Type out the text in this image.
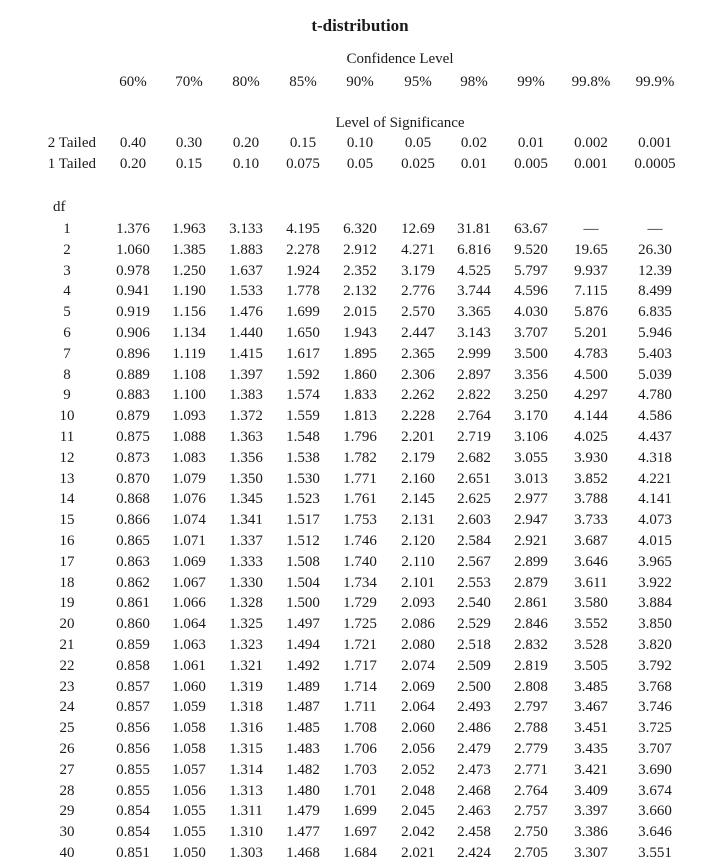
t-distribution
Confidence Level
60%	70%	80%	85%	90%	95%	98%	99%	99.8%	99.9%
Level of Significance
2 Tailed	0.40	0.30	0.20	0.15	0.10	0.05	0.02	0.01	0.002	0.001
1 Tailed	0.20	0.15	0.10	0.075	0.05	0.025	0.01	0.005	0.001	0.0005
df
1	1.376	1.963	3.133	4.195	6.320	12.69	31.81	63.67	—	—
2	1.060	1.385	1.883	2.278	2.912	4.271	6.816	9.520	19.65	26.30
3	0.978	1.250	1.637	1.924	2.352	3.179	4.525	5.797	9.937	12.39
4	0.941	1.190	1.533	1.778	2.132	2.776	3.744	4.596	7.115	8.499
5	0.919	1.156	1.476	1.699	2.015	2.570	3.365	4.030	5.876	6.835
6	0.906	1.134	1.440	1.650	1.943	2.447	3.143	3.707	5.201	5.946
7	0.896	1.119	1.415	1.617	1.895	2.365	2.999	3.500	4.783	5.403
8	0.889	1.108	1.397	1.592	1.860	2.306	2.897	3.356	4.500	5.039
9	0.883	1.100	1.383	1.574	1.833	2.262	2.822	3.250	4.297	4.780
10	0.879	1.093	1.372	1.559	1.813	2.228	2.764	3.170	4.144	4.586
11	0.875	1.088	1.363	1.548	1.796	2.201	2.719	3.106	4.025	4.437
12	0.873	1.083	1.356	1.538	1.782	2.179	2.682	3.055	3.930	4.318
13	0.870	1.079	1.350	1.530	1.771	2.160	2.651	3.013	3.852	4.221
14	0.868	1.076	1.345	1.523	1.761	2.145	2.625	2.977	3.788	4.141
15	0.866	1.074	1.341	1.517	1.753	2.131	2.603	2.947	3.733	4.073
16	0.865	1.071	1.337	1.512	1.746	2.120	2.584	2.921	3.687	4.015
17	0.863	1.069	1.333	1.508	1.740	2.110	2.567	2.899	3.646	3.965
18	0.862	1.067	1.330	1.504	1.734	2.101	2.553	2.879	3.611	3.922
19	0.861	1.066	1.328	1.500	1.729	2.093	2.540	2.861	3.580	3.884
20	0.860	1.064	1.325	1.497	1.725	2.086	2.529	2.846	3.552	3.850
21	0.859	1.063	1.323	1.494	1.721	2.080	2.518	2.832	3.528	3.820
22	0.858	1.061	1.321	1.492	1.717	2.074	2.509	2.819	3.505	3.792
23	0.857	1.060	1.319	1.489	1.714	2.069	2.500	2.808	3.485	3.768
24	0.857	1.059	1.318	1.487	1.711	2.064	2.493	2.797	3.467	3.746
25	0.856	1.058	1.316	1.485	1.708	2.060	2.486	2.788	3.451	3.725
26	0.856	1.058	1.315	1.483	1.706	2.056	2.479	2.779	3.435	3.707
27	0.855	1.057	1.314	1.482	1.703	2.052	2.473	2.771	3.421	3.690
28	0.855	1.056	1.313	1.480	1.701	2.048	2.468	2.764	3.409	3.674
29	0.854	1.055	1.311	1.479	1.699	2.045	2.463	2.757	3.397	3.660
30	0.854	1.055	1.310	1.477	1.697	2.042	2.458	2.750	3.386	3.646
40	0.851	1.050	1.303	1.468	1.684	2.021	2.424	2.705	3.307	3.551
